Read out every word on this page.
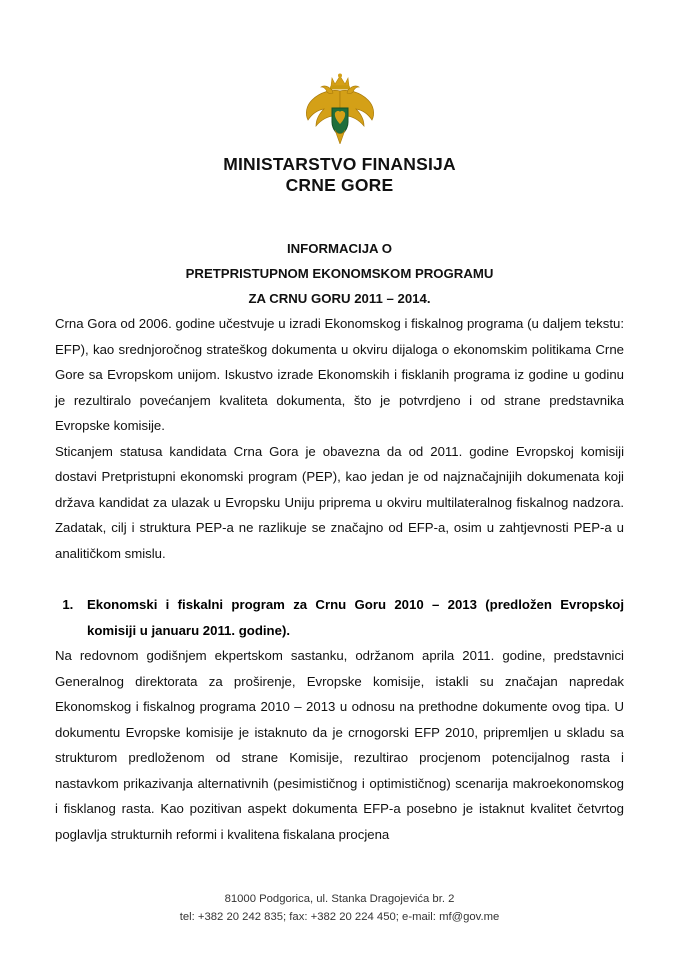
MINISTARSTVO FINANSIJA
CRNE GORE
INFORMACIJA O
PRETPRISTUPNOM EKONOMSKOM PROGRAMU
ZA CRNU GORU 2011 – 2014.

Crna Gora od 2006. godine učestvuje u izradi Ekonomskog i fiskalnog programa (u daljem tekstu: EFP), kao srednjoročnog strateškog dokumenta u okviru dijaloga o ekonomskim politikama Crne Gore sa Evropskom unijom. Iskustvo izrade Ekonomskih i fisklanih programa iz godine u godinu je rezultiralo povećanjem kvaliteta dokumenta, što je potvrdjeno i od strane predstavnika Evropske komisije.

Sticanjem statusa kandidata Crna Gora je obavezna da od 2011. godine Evropskoj komisiji dostavi Pretpristupni ekonomski program (PEP), kao jedan je od najznačajnijih dokumenata koji država kandidat za ulazak u Evropsku Uniju priprema u okviru multilateralnog fiskalnog nadzora. Zadatak, cilj i struktura PEP-a ne razlikuje se značajno od EFP-a, osim u zahtjevnosti PEP-a u analitičkom smislu.

1. Ekonomski i fiskalni program za Crnu Goru 2010 – 2013 (predložen Evropskoj komisiji u januaru 2011. godine).

Na redovnom godišnjem ekpertskom sastanku, održanom aprila 2011. godine, predstavnici Generalnog direktorata za proširenje, Evropske komisije, istakli su značajan napredak Ekonomskog i fiskalnog programa 2010 – 2013 u odnosu na prethodne dokumente ovog tipa. U dokumentu Evropske komisije je istaknuto da je crnogorski EFP 2010, pripremljen u skladu sa strukturom predloženom od strane Komisije, rezultirao procjenom potencijalnog rasta i nastavkom prikazivanja alternativnih (pesimističnog i optimističnog) scenarija makroekonomskog i fisklanog rasta. Kao pozitivan aspekt dokumenta EFP-a posebno je istaknut kvalitet četvrtog poglavlja strukturnih reformi i kvalitena fiskalana procjena

81000 Podgorica, ul. Stanka Dragojevića br. 2
tel: +382 20 242 835; fax: +382 20 224 450; e-mail: mf@gov.me
